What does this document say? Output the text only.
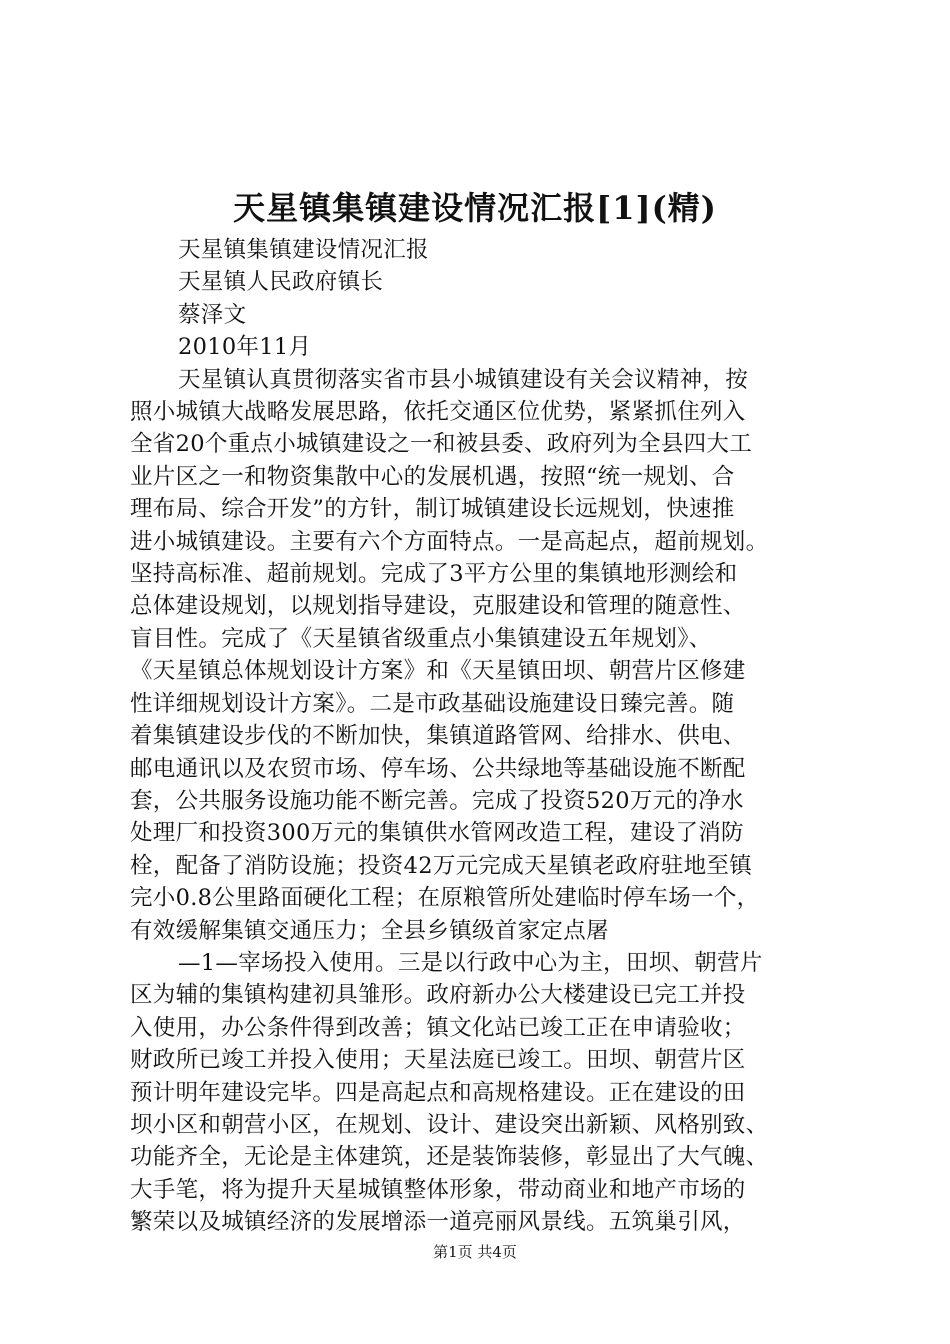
天星镇集镇建设情况汇报[1](精)
天星镇集镇建设情况汇报
天星镇人民政府镇长
蔡泽文
2010年11月
天星镇认真贯彻落实省市县小城镇建设有关会议精神，按
照小城镇大战略发展思路，依托交通区位优势，紧紧抓住列入
全省20个重点小城镇建设之一和被县委、政府列为全县四大工
业片区之一和物资集散中心的发展机遇，按照“统一规划、合
理布局、综合开发”的方针，制订城镇建设长远规划，快速推
进小城镇建设。主要有六个方面特点。一是高起点，超前规划。
坚持高标准、超前规划。完成了3平方公里的集镇地形测绘和
总体建设规划，以规划指导建设，克服建设和管理的随意性、
盲目性。完成了《天星镇省级重点小集镇建设五年规划》、
《天星镇总体规划设计方案》和《天星镇田坝、朝营片区修建
性详细规划设计方案》。二是市政基础设施建设日臻完善。随
着集镇建设步伐的不断加快，集镇道路管网、给排水、供电、
邮电通讯以及农贸市场、停车场、公共绿地等基础设施不断配
套，公共服务设施功能不断完善。完成了投资520万元的净水
处理厂和投资300万元的集镇供水管网改造工程，建设了消防
栓，配备了消防设施；投资42万元完成天星镇老政府驻地至镇
完小0.8公里路面硬化工程；在原粮管所处建临时停车场一个，
有效缓解集镇交通压力；全县乡镇级首家定点屠
—1—宰场投入使用。三是以行政中心为主，田坝、朝营片
区为辅的集镇构建初具雏形。政府新办公大楼建设已完工并投
入使用，办公条件得到改善；镇文化站已竣工正在申请验收；
财政所已竣工并投入使用；天星法庭已竣工。田坝、朝营片区
预计明年建设完毕。四是高起点和高规格建设。正在建设的田
坝小区和朝营小区，在规划、设计、建设突出新颖、风格别致、
功能齐全，无论是主体建筑，还是装饰装修，彰显出了大气魄、
大手笔，将为提升天星城镇整体形象，带动商业和地产市场的
繁荣以及城镇经济的发展增添一道亮丽风景线。五筑巢引风，
第1页 共4页
